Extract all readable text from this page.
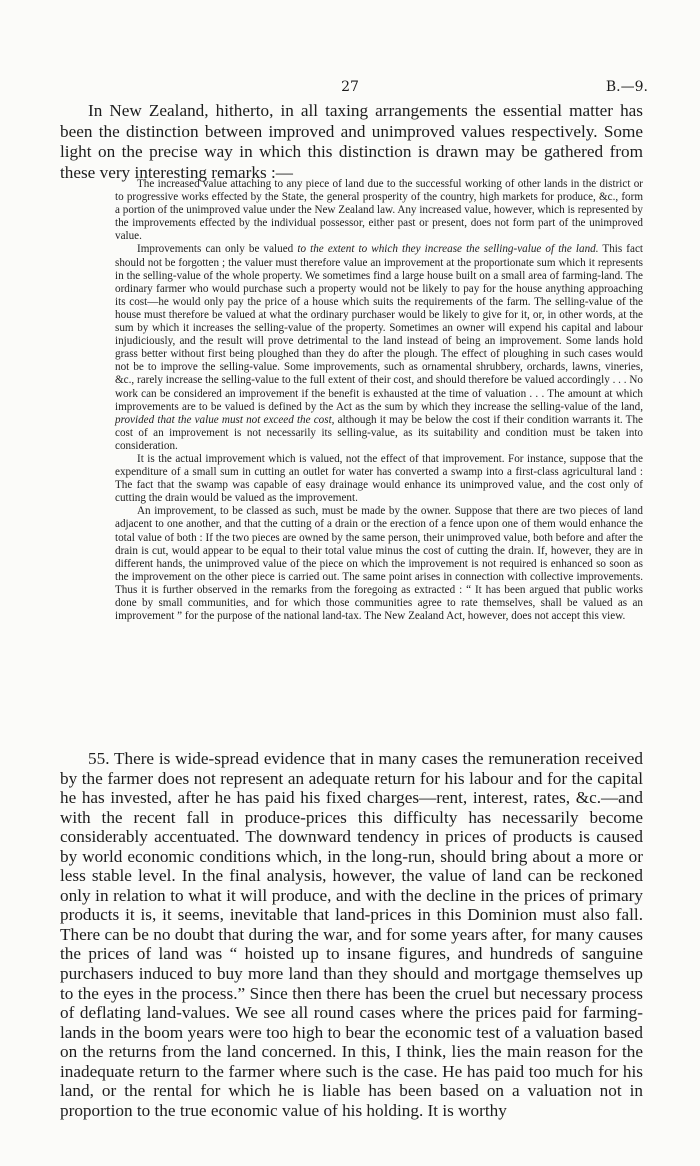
27	B.—9.

In New Zealand, hitherto, in all taxing arrangements the essential matter has been the distinction between improved and unimproved values respectively. Some light on the precise way in which this distinction is drawn may be gathered from these very interesting remarks :—

The increased value attaching to any piece of land due to the successful working of other lands in the district or to progressive works effected by the State, the general prosperity of the country, high markets for produce, &c., form a portion of the unimproved value under the New Zealand law. Any increased value, however, which is represented by the improvements effected by the individual possessor, either past or present, does not form part of the unimproved value.

Improvements can only be valued to the extent to which they increase the selling-value of the land. This fact should not be forgotten ; the valuer must therefore value an improvement at the proportionate sum which it represents in the selling-value of the whole property. We sometimes find a large house built on a small area of farming-land. The ordinary farmer who would purchase such a property would not be likely to pay for the house anything approaching its cost—he would only pay the price of a house which suits the requirements of the farm. The selling-value of the house must therefore be valued at what the ordinary purchaser would be likely to give for it, or, in other words, at the sum by which it increases the selling-value of the property. Sometimes an owner will expend his capital and labour injudiciously, and the result will prove detrimental to the land instead of being an improvement. Some lands hold grass better without first being ploughed than they do after the plough. The effect of ploughing in such cases would not be to improve the selling-value. Some improvements, such as ornamental shrubbery, orchards, lawns, vineries, &c., rarely increase the selling-value to the full extent of their cost, and should therefore be valued accordingly . . . No work can be considered an improvement if the benefit is exhausted at the time of valuation . . . The amount at which improvements are to be valued is defined by the Act as the sum by which they increase the selling-value of the land, provided that the value must not exceed the cost, although it may be below the cost if their condition warrants it. The cost of an improvement is not necessarily its selling-value, as its suitability and condition must be taken into consideration.

It is the actual improvement which is valued, not the effect of that improvement. For instance, suppose that the expenditure of a small sum in cutting an outlet for water has converted a swamp into a first-class agricultural land : The fact that the swamp was capable of easy drainage would enhance its unimproved value, and the cost only of cutting the drain would be valued as the improvement.

An improvement, to be classed as such, must be made by the owner. Suppose that there are two pieces of land adjacent to one another, and that the cutting of a drain or the erection of a fence upon one of them would enhance the total value of both : If the two pieces are owned by the same person, their unimproved value, both before and after the drain is cut, would appear to be equal to their total value minus the cost of cutting the drain. If, however, they are in different hands, the unimproved value of the piece on which the improvement is not required is enhanced so soon as the improvement on the other piece is carried out. The same point arises in connection with collective improvements. Thus it is further observed in the remarks from the foregoing as extracted : “ It has been argued that public works done by small communities, and for which those communities agree to rate themselves, shall be valued as an improvement ” for the purpose of the national land-tax. The New Zealand Act, however, does not accept this view.

55. There is wide-spread evidence that in many cases the remuneration received by the farmer does not represent an adequate return for his labour and for the capital he has invested, after he has paid his fixed charges—rent, interest, rates, &c.—and with the recent fall in produce-prices this difficulty has necessarily become considerably accentuated. The downward tendency in prices of products is caused by world economic conditions which, in the long-run, should bring about a more or less stable level. In the final analysis, however, the value of land can be reckoned only in relation to what it will produce, and with the decline in the prices of primary products it is, it seems, inevitable that land-prices in this Dominion must also fall. There can be no doubt that during the war, and for some years after, for many causes the prices of land was “ hoisted up to insane figures, and hundreds of sanguine purchasers induced to buy more land than they should and mortgage themselves up to the eyes in the process.” Since then there has been the cruel but necessary process of deflating land-values. We see all round cases where the prices paid for farming-lands in the boom years were too high to bear the economic test of a valuation based on the returns from the land concerned. In this, I think, lies the main reason for the inadequate return to the farmer where such is the case. He has paid too much for his land, or the rental for which he is liable has been based on a valuation not in proportion to the true economic value of his holding. It is worthy
